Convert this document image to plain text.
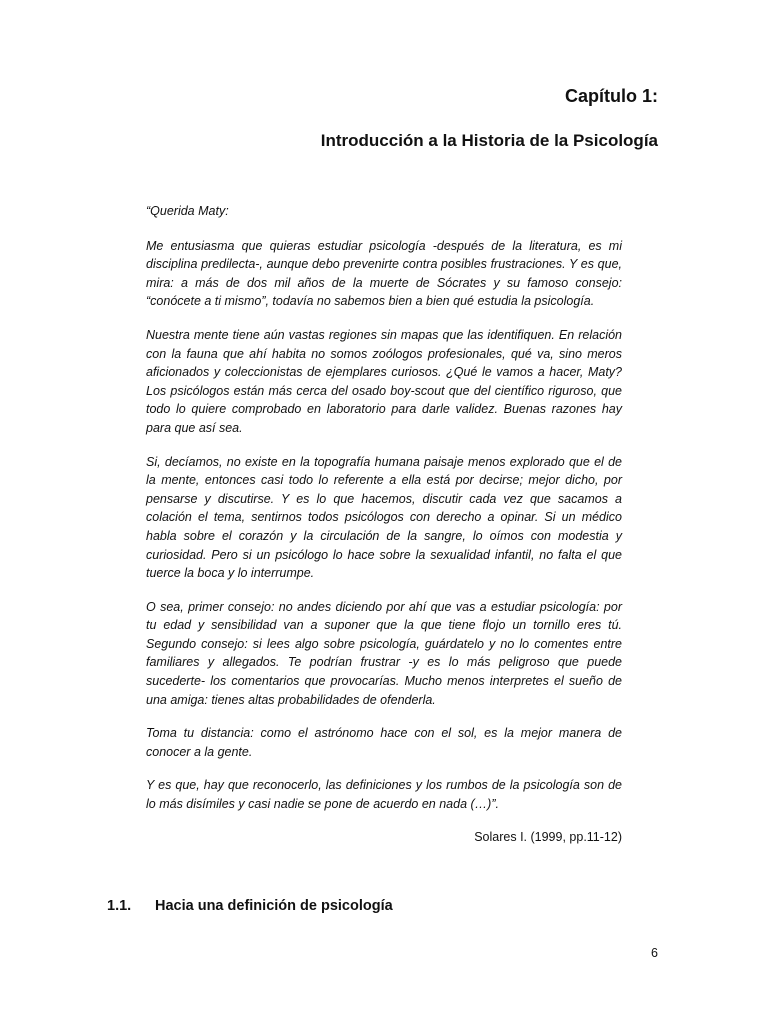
Capítulo 1:
Introducción a la Historia de la Psicología

“Querida Maty:

Me entusiasma que quieras estudiar psicología -después de la literatura, es mi disciplina predilecta-, aunque debo prevenirte contra posibles frustraciones. Y es que, mira: a más de dos mil años de la muerte de Sócrates y su famoso consejo: “conócete a ti mismo”, todavía no sabemos bien a bien qué estudia la psicología.

Nuestra mente tiene aún vastas regiones sin mapas que las identifiquen. En relación con la fauna que ahí habita no somos zoólogos profesionales, qué va, sino meros aficionados y coleccionistas de ejemplares curiosos. ¿Qué le vamos a hacer, Maty? Los psicólogos están más cerca del osado boy-scout que del científico riguroso, que todo lo quiere comprobado en laboratorio para darle validez. Buenas razones hay para que así sea.

Si, decíamos, no existe en la topografía humana paisaje menos explorado que el de la mente, entonces casi todo lo referente a ella está por decirse; mejor dicho, por pensarse y discutirse. Y es lo que hacemos, discutir cada vez que sacamos a colación el tema, sentirnos todos psicólogos con derecho a opinar. Si un médico habla sobre el corazón y la circulación de la sangre, lo oímos con modestia y curiosidad. Pero si un psicólogo lo hace sobre la sexualidad infantil, no falta el que tuerce la boca y lo interrumpe.

O sea, primer consejo: no andes diciendo por ahí que vas a estudiar psicología: por tu edad y sensibilidad van a suponer que la que tiene flojo un tornillo eres tú. Segundo consejo: si lees algo sobre psicología, guárdatelo y no lo comentes entre familiares y allegados. Te podrían frustrar -y es lo más peligroso que puede sucederte- los comentarios que provocarías. Mucho menos interpretes el sueño de una amiga: tienes altas probabilidades de ofenderla.

Toma tu distancia: como el astrónomo hace con el sol, es la mejor manera de conocer a la gente.

Y es que, hay que reconocerlo, las definiciones y los rumbos de la psicología son de lo más disímiles y casi nadie se pone de acuerdo en nada (…)”.

Solares I. (1999, pp.11-12)
1.1. Hacia una definición de psicología
6
